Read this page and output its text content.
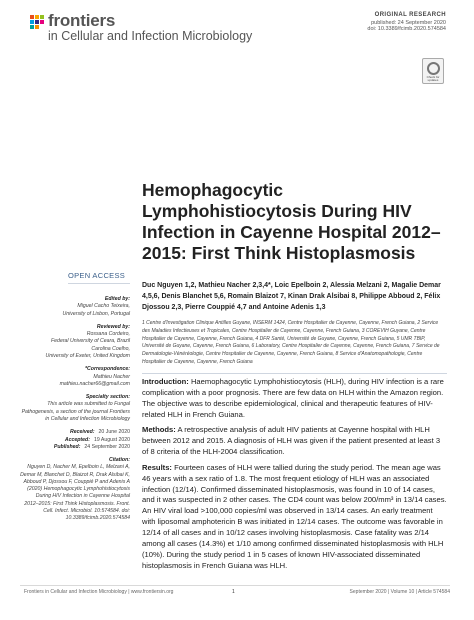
frontiers
in Cellular and Infection Microbiology
ORIGINAL RESEARCH
published: 24 September 2020
doi: 10.3389/fcimb.2020.574584
Check for updates
Hemophagocytic Lymphohistiocytosis During HIV Infection in Cayenne Hospital 2012–2015: First Think Histoplasmosis
Duc Nguyen 1,2, Mathieu Nacher 2,3,4*, Loic Epelboin 2, Alessia Melzani 2, Magalie Demar 4,5,6, Denis Blanchet 5,6, Romain Blaizot 7, Kinan Drak Alsibai 8, Philippe Abboud 2, Félix Djossou 2,3, Pierre Couppié 4,7 and Antoine Adenis 1,3
1 Centre d'Investigation Clinique Antilles Guyane, INSERM 1424, Centre Hospitalier de Cayenne, Cayenne, French Guiana, 2 Service des Maladies Infectieuses et Tropicales, Centre Hospitalier de Cayenne, Cayenne, French Guiana, 3 COREVIH Guyane, Centre Hospitalier de Cayenne, Cayenne, French Guiana, 4 DFR Santé, Université de Guyane, Cayenne, French Guiana, 5 UMR TBIP, Université de Guyane, Cayenne, French Guiana, 6 Laboratory, Centre Hospitalier de Cayenne, Cayenne, French Guiana, 7 Service de Dermatologie-Vénéréologie, Centre Hospitalier de Cayenne, Cayenne, French Guiana, 8 Service d'Anatomopathologie, Centre Hospitalier de Cayenne, Cayenne, French Guiana

Introduction: Haemophagocytic Lymphohistiocytosis (HLH), during HIV infection is a rare complication with a poor prognosis. There are few data on HLH within the Amazon region. The objective was to describe epidemiological, clinical and therapeutic features of HIV-related HLH in French Guiana.

Methods: A retrospective analysis of adult HIV patients at Cayenne hospital with HLH between 2012 and 2015. A diagnosis of HLH was given if the patient presented at least 3 of 8 criteria of the HLH-2004 classification.

Results: Fourteen cases of HLH were tallied during the study period. The mean age was 46 years with a sex ratio of 1.8. The most frequent etiology of HLH was an associated infection (12/14). Confirmed disseminated histoplasmosis, was found in 10 of 14 cases, and it was suspected in 2 other cases. The CD4 count was below 200/mm³ in 13/14 cases. An HIV viral load >100,000 copies/ml was observed in 13/14 cases. An early treatment with liposomal amphotericin B was initiated in 12/14 cases. The outcome was favorable in 12/14 of all cases and in 10/12 cases involving histoplasmosis. Case fatality was 2/14 among all cases (14.3%) et 1/10 among confirmed disseminated histoplasmosis with HLH (10%). During the study period 1 in 5 cases of known HIV-associated disseminated histoplasmosis in French Guiana was HLH.

OPEN ACCESS
Edited by:
Miguel Cacho Teixeira,
University of Lisbon, Portugal
Reviewed by:
Rossana Cordeiro,
Federal University of Ceara, Brazil
Carolina Coelho,
University of Exeter, United Kingdom
*Correspondence:
Mathieu Nacher
mathieu.nacher66@gmail.com
Specialty section:
This article was submitted to Fungal Pathogenesis, a section of the journal Frontiers in Cellular and Infection Microbiology
Received: 20 June 2020
Accepted: 19 August 2020
Published: 24 September 2020
Citation:
Nguyen D, Nacher M, Epelboin L, Melzani A, Demar M, Blanchet D, Blaizot R, Drak Alsibai K, Abboud P, Djossou F, Couppié P and Adenis A (2020) Hemophagocytic Lymphohistiocytosis During HIV Infection in Cayenne Hospital 2012–2015: First Think Histoplasmosis. Front. Cell. Infect. Microbiol. 10:574584. doi: 10.3389/fcimb.2020.574584
Frontiers in Cellular and Infection Microbiology | www.frontiersin.org	1	September 2020 | Volume 10 | Article 574584
